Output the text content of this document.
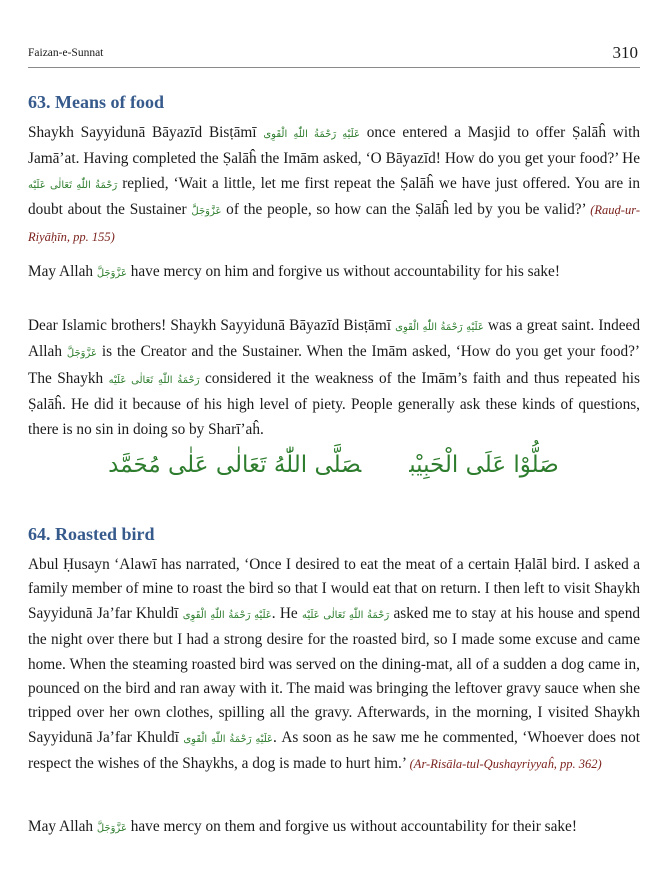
Faizan-e-Sunnat	310
63. Means of food

Shaykh Sayyidunā Bāyazīd Bisṭāmī عَلَيْهِ رَحْمَةُ اللّٰهِ الْقَوِى once entered a Masjid to offer Ṣalāĥ with Jamā’at. Having completed the Ṣalāĥ the Imām asked, ‘O Bāyazīd! How do you get your food?’ He رَحْمَةُ اللّٰهِ تَعَالٰی عَلَيْه replied, ‘Wait a little, let me first repeat the Ṣalāĥ we have just offered. You are in doubt about the Sustainer عَزَّوَجَلَّ of the people, so how can the Ṣalāĥ led by you be valid?’ (Rauḍ-ur-Riyāḥīn, pp. 155)

May Allah عَزَّوَجَلَّ have mercy on him and forgive us without accountability for his sake!

Dear Islamic brothers! Shaykh Sayyidunā Bāyazīd Bisṭāmī عَلَيْهِ رَحْمَةُ اللّٰهِ الْقَوِى was a great saint. Indeed Allah عَزَّوَجَلَّ is the Creator and the Sustainer. When the Imām asked, ‘How do you get your food?’ The Shaykh رَحْمَةُ اللّٰهِ تَعَالٰی عَلَيْه considered it the weakness of the Imām’s faith and thus repeated his Ṣalāĥ. He did it because of his high level of piety. People generally ask these kinds of questions, there is no sin in doing so by Sharī’aĥ.

صَلُّوْا عَلَى الْحَبِيْبصَلَّى اللّٰهُ تَعَالٰى عَلٰى مُحَمَّد
64. Roasted bird

Abul Ḥusayn ‘Alawī has narrated, ‘Once I desired to eat the meat of a certain Ḥalāl bird. I asked a family member of mine to roast the bird so that I would eat that on return. I then left to visit Shaykh Sayyidunā Ja’far Khuldī عَلَيْهِ رَحْمَةُ اللّٰهِ الْقَوِى. He رَحْمَةُ اللّٰهِ تَعَالٰی عَلَيْه asked me to stay at his house and spend the night over there but I had a strong desire for the roasted bird, so I made some excuse and came home. When the steaming roasted bird was served on the dining-mat, all of a sudden a dog came in, pounced on the bird and ran away with it. The maid was bringing the leftover gravy sauce when she tripped over her own clothes, spilling all the gravy. Afterwards, in the morning, I visited Shaykh Sayyidunā Ja’far Khuldī عَلَيْهِ رَحْمَةُ اللّٰهِ الْقَوِى. As soon as he saw me he commented, ‘Whoever does not respect the wishes of the Shaykhs, a dog is made to hurt him.’ (Ar-Risāla-tul-Qushayriyyaĥ, pp. 362)

May Allah عَزَّوَجَلَّ have mercy on them and forgive us without accountability for their sake!
